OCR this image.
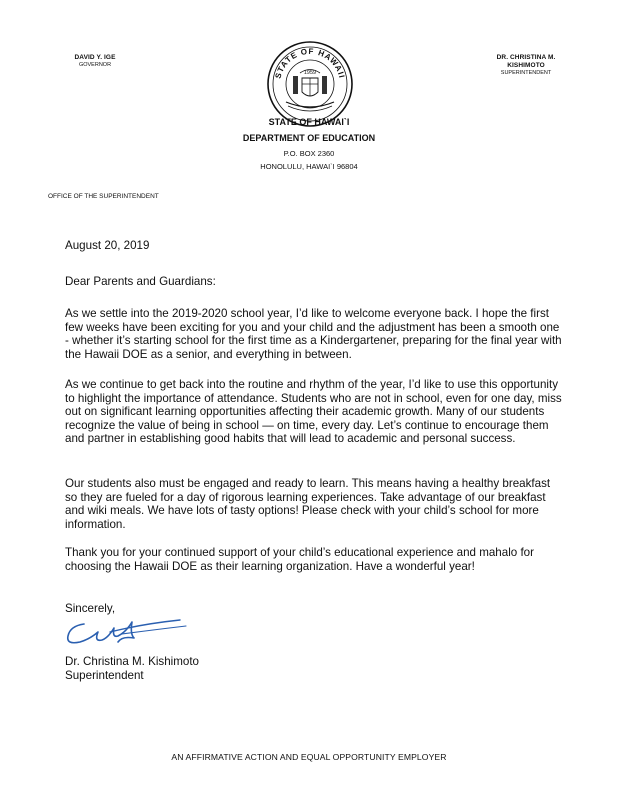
DAVID Y. IGE
GOVERNOR
STATE OF HAWAII
1959
DR. CHRISTINA M. KISHIMOTO
SUPERINTENDENT
STATE OF HAWAI`I
DEPARTMENT OF EDUCATION
P.O. BOX 2360
HONOLULU, HAWAI`I 96804
OFFICE OF THE SUPERINTENDENT
August 20, 2019
Dear Parents and Guardians:
As we settle into the 2019-2020 school year, I’d like to welcome everyone back. I hope the first few weeks have been exciting for you and your child and the adjustment has been a smooth one - whether it’s starting school for the first time as a Kindergartener, preparing for the final year with the Hawaii DOE as a senior, and everything in between.
As we continue to get back into the routine and rhythm of the year, I’d like to use this opportunity to highlight the importance of attendance. Students who are not in school, even for one day, miss out on significant learning opportunities affecting their academic growth. Many of our students recognize the value of being in school — on time, every day. Let’s continue to encourage them and partner in establishing good habits that will lead to academic and personal success.
Our students also must be engaged and ready to learn. This means having a healthy breakfast so they are fueled for a day of rigorous learning experiences. Take advantage of our breakfast and wiki meals. We have lots of tasty options! Please check with your child’s school for more information.
Thank you for your continued support of your child’s educational experience and mahalo for choosing the Hawaii DOE as their learning organization. Have a wonderful year!
Sincerely,
Dr. Christina M. Kishimoto
Superintendent
AN AFFIRMATIVE ACTION AND EQUAL OPPORTUNITY EMPLOYER
